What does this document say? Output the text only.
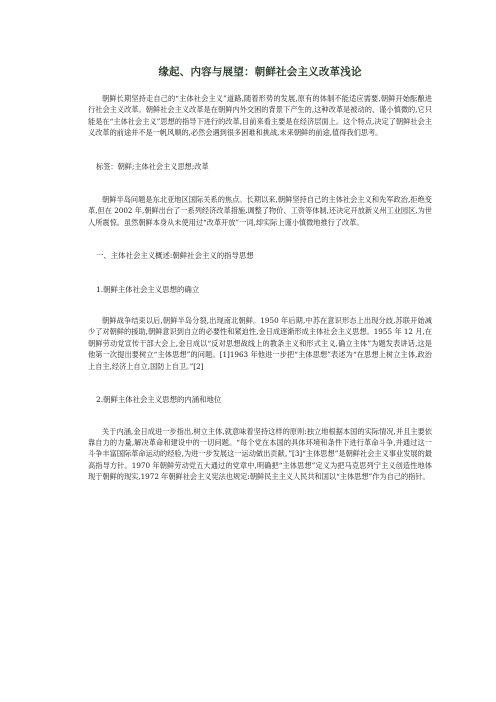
缘起、内容与展望：朝鲜社会主义改革浅论

朝鲜长期坚持走自己的“主体社会主义”道路,随着形势的发展,原有的体制不能适应需要,朝鲜开始酝酿进行社会主义改革。朝鲜社会主义改革是在朝鲜内外交困的背景下产生的,这种改革是被动的、谨小慎微的,它只能是在“主体社会主义”思想的指导下进行的改革,目前来看主要是在经济层面上。这个特点,决定了朝鲜社会主义改革的前途并不是一帆风顺的,必然会遇到很多困难和挑战,未来朝鲜的前途,值得我们思考。

标签：朝鲜;主体社会主义思想;改革

朝鲜半岛问题是东北亚地区国际关系的焦点。长期以来,朝鲜坚持自己的主体社会主义和先军政治,拒绝变革,但在 2002 年,朝鲜出台了一系列经济改革措施,调整了物价、工资等体制,还决定开放新义州工业园区,为世人所震惊。虽然朝鲜本身从未使用过“改革开放”一词,却实际上谨小慎微地推行了改革。

一、主体社会主义概述:朝鲜社会主义的指导思想

1.朝鲜主体社会主义思想的确立

朝鲜战争结束以后,朝鲜半岛分裂,出现南北朝鲜。1950 年后期,中苏在意识形态上出现分歧,苏联开始减少了对朝鲜的援助,朝鲜意识到自立的必要性和紧迫性,金日成逐渐形成主体社会主义思想。1955 年 12 月,在朝鲜劳动党宣传干部大会上,金日成以“反对思想战线上的教条主义和形式主义,确立主体”为题发表讲话,这是他第一次提出要树立“主体思想”的问题。[1]1963 年他进一步把“主体思想”表述为“在思想上树立主体,政治上自主,经济上自立,国防上自卫。”[2]

2.朝鲜主体社会主义思想的内涵和地位

关于内涵,金日成进一步指出,树立主体,就意味着坚持这样的原则:独立地根据本国的实际情况,并且主要依靠自力的力量,解决革命和建设中的一切问题。“每个党在本国的具体环境和条件下进行革命斗争,并通过这一斗争丰富国际革命运动的经验,为进一步发展这一运动做出贡献。”[3]“主体思想”是朝鲜社会主义事业发展的最高指导方针。1970 年朝鲜劳动党五大通过的党章中,明确把“主体思想”定义为把马克思列宁主义创造性地体现于朝鲜的现实,1972 年朝鲜社会主义宪法也规定:朝鲜民主主义人民共和国以“主体思想”作为自己的指针。
